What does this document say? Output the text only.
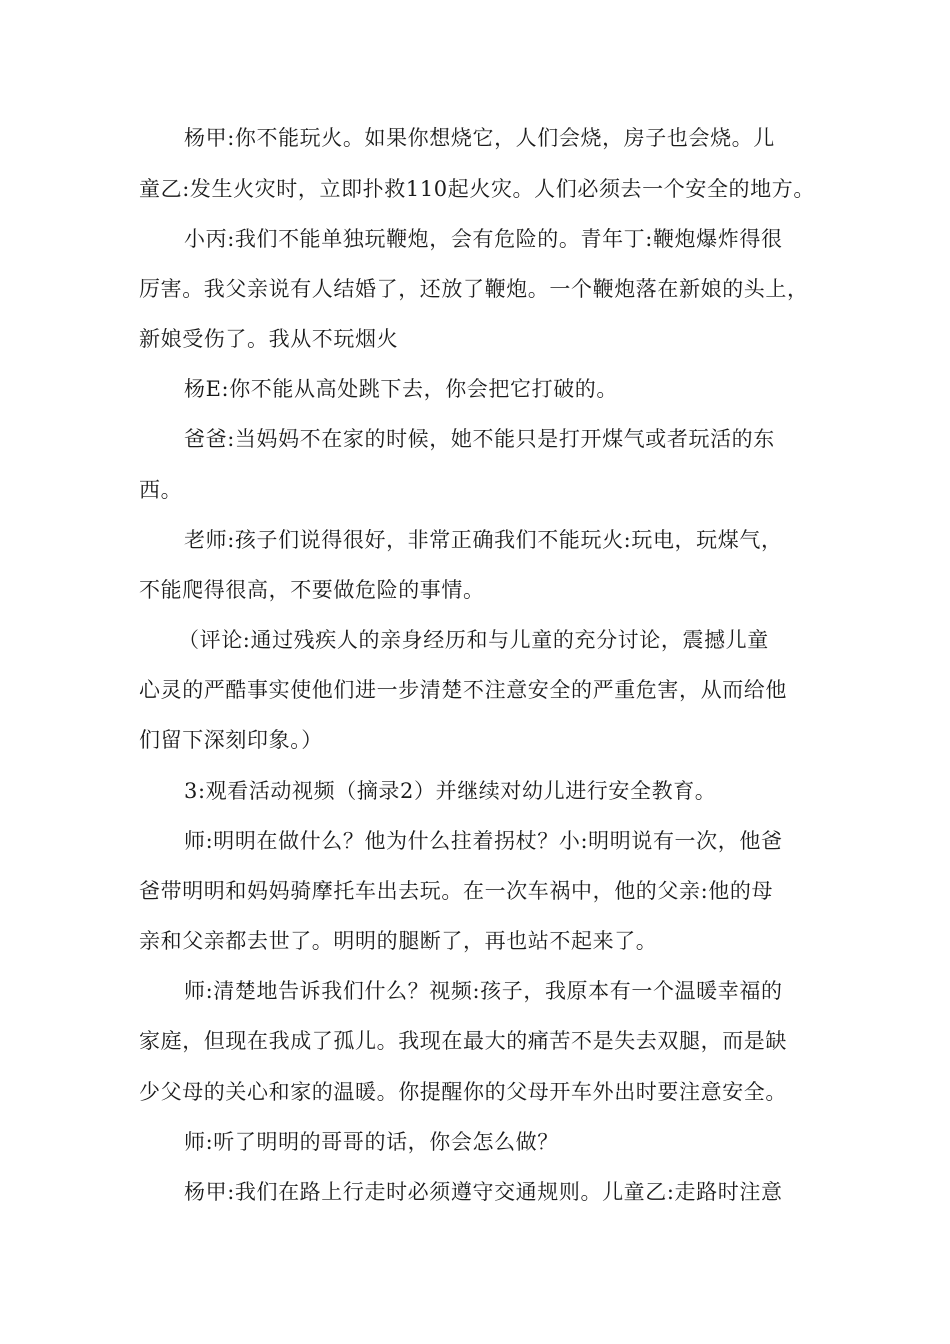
杨甲:你不能玩火。如果你想烧它，人们会烧，房子也会烧。儿
童乙:发生火灾时，立即扑救110起火灾。人们必须去一个安全的地方。
小丙:我们不能单独玩鞭炮，会有危险的。青年丁:鞭炮爆炸得很
厉害。我父亲说有人结婚了，还放了鞭炮。一个鞭炮落在新娘的头上，
新娘受伤了。我从不玩烟火
杨E:你不能从高处跳下去，你会把它打破的。
爸爸:当妈妈不在家的时候，她不能只是打开煤气或者玩活的东
西。
老师:孩子们说得很好，非常正确我们不能玩火:玩电，玩煤气，
不能爬得很高，不要做危险的事情。
（评论:通过残疾人的亲身经历和与儿童的充分讨论，震撼儿童
心灵的严酷事实使他们进一步清楚不注意安全的严重危害，从而给他
们留下深刻印象。）
3:观看活动视频（摘录2）并继续对幼儿进行安全教育。
师:明明在做什么？他为什么拄着拐杖？小:明明说有一次，他爸
爸带明明和妈妈骑摩托车出去玩。在一次车祸中，他的父亲:他的母
亲和父亲都去世了。明明的腿断了，再也站不起来了。
师:清楚地告诉我们什么？视频:孩子，我原本有一个温暖幸福的
家庭，但现在我成了孤儿。我现在最大的痛苦不是失去双腿，而是缺
少父母的关心和家的温暖。你提醒你的父母开车外出时要注意安全。
师:听了明明的哥哥的话，你会怎么做？
杨甲:我们在路上行走时必须遵守交通规则。儿童乙:走路时注意
